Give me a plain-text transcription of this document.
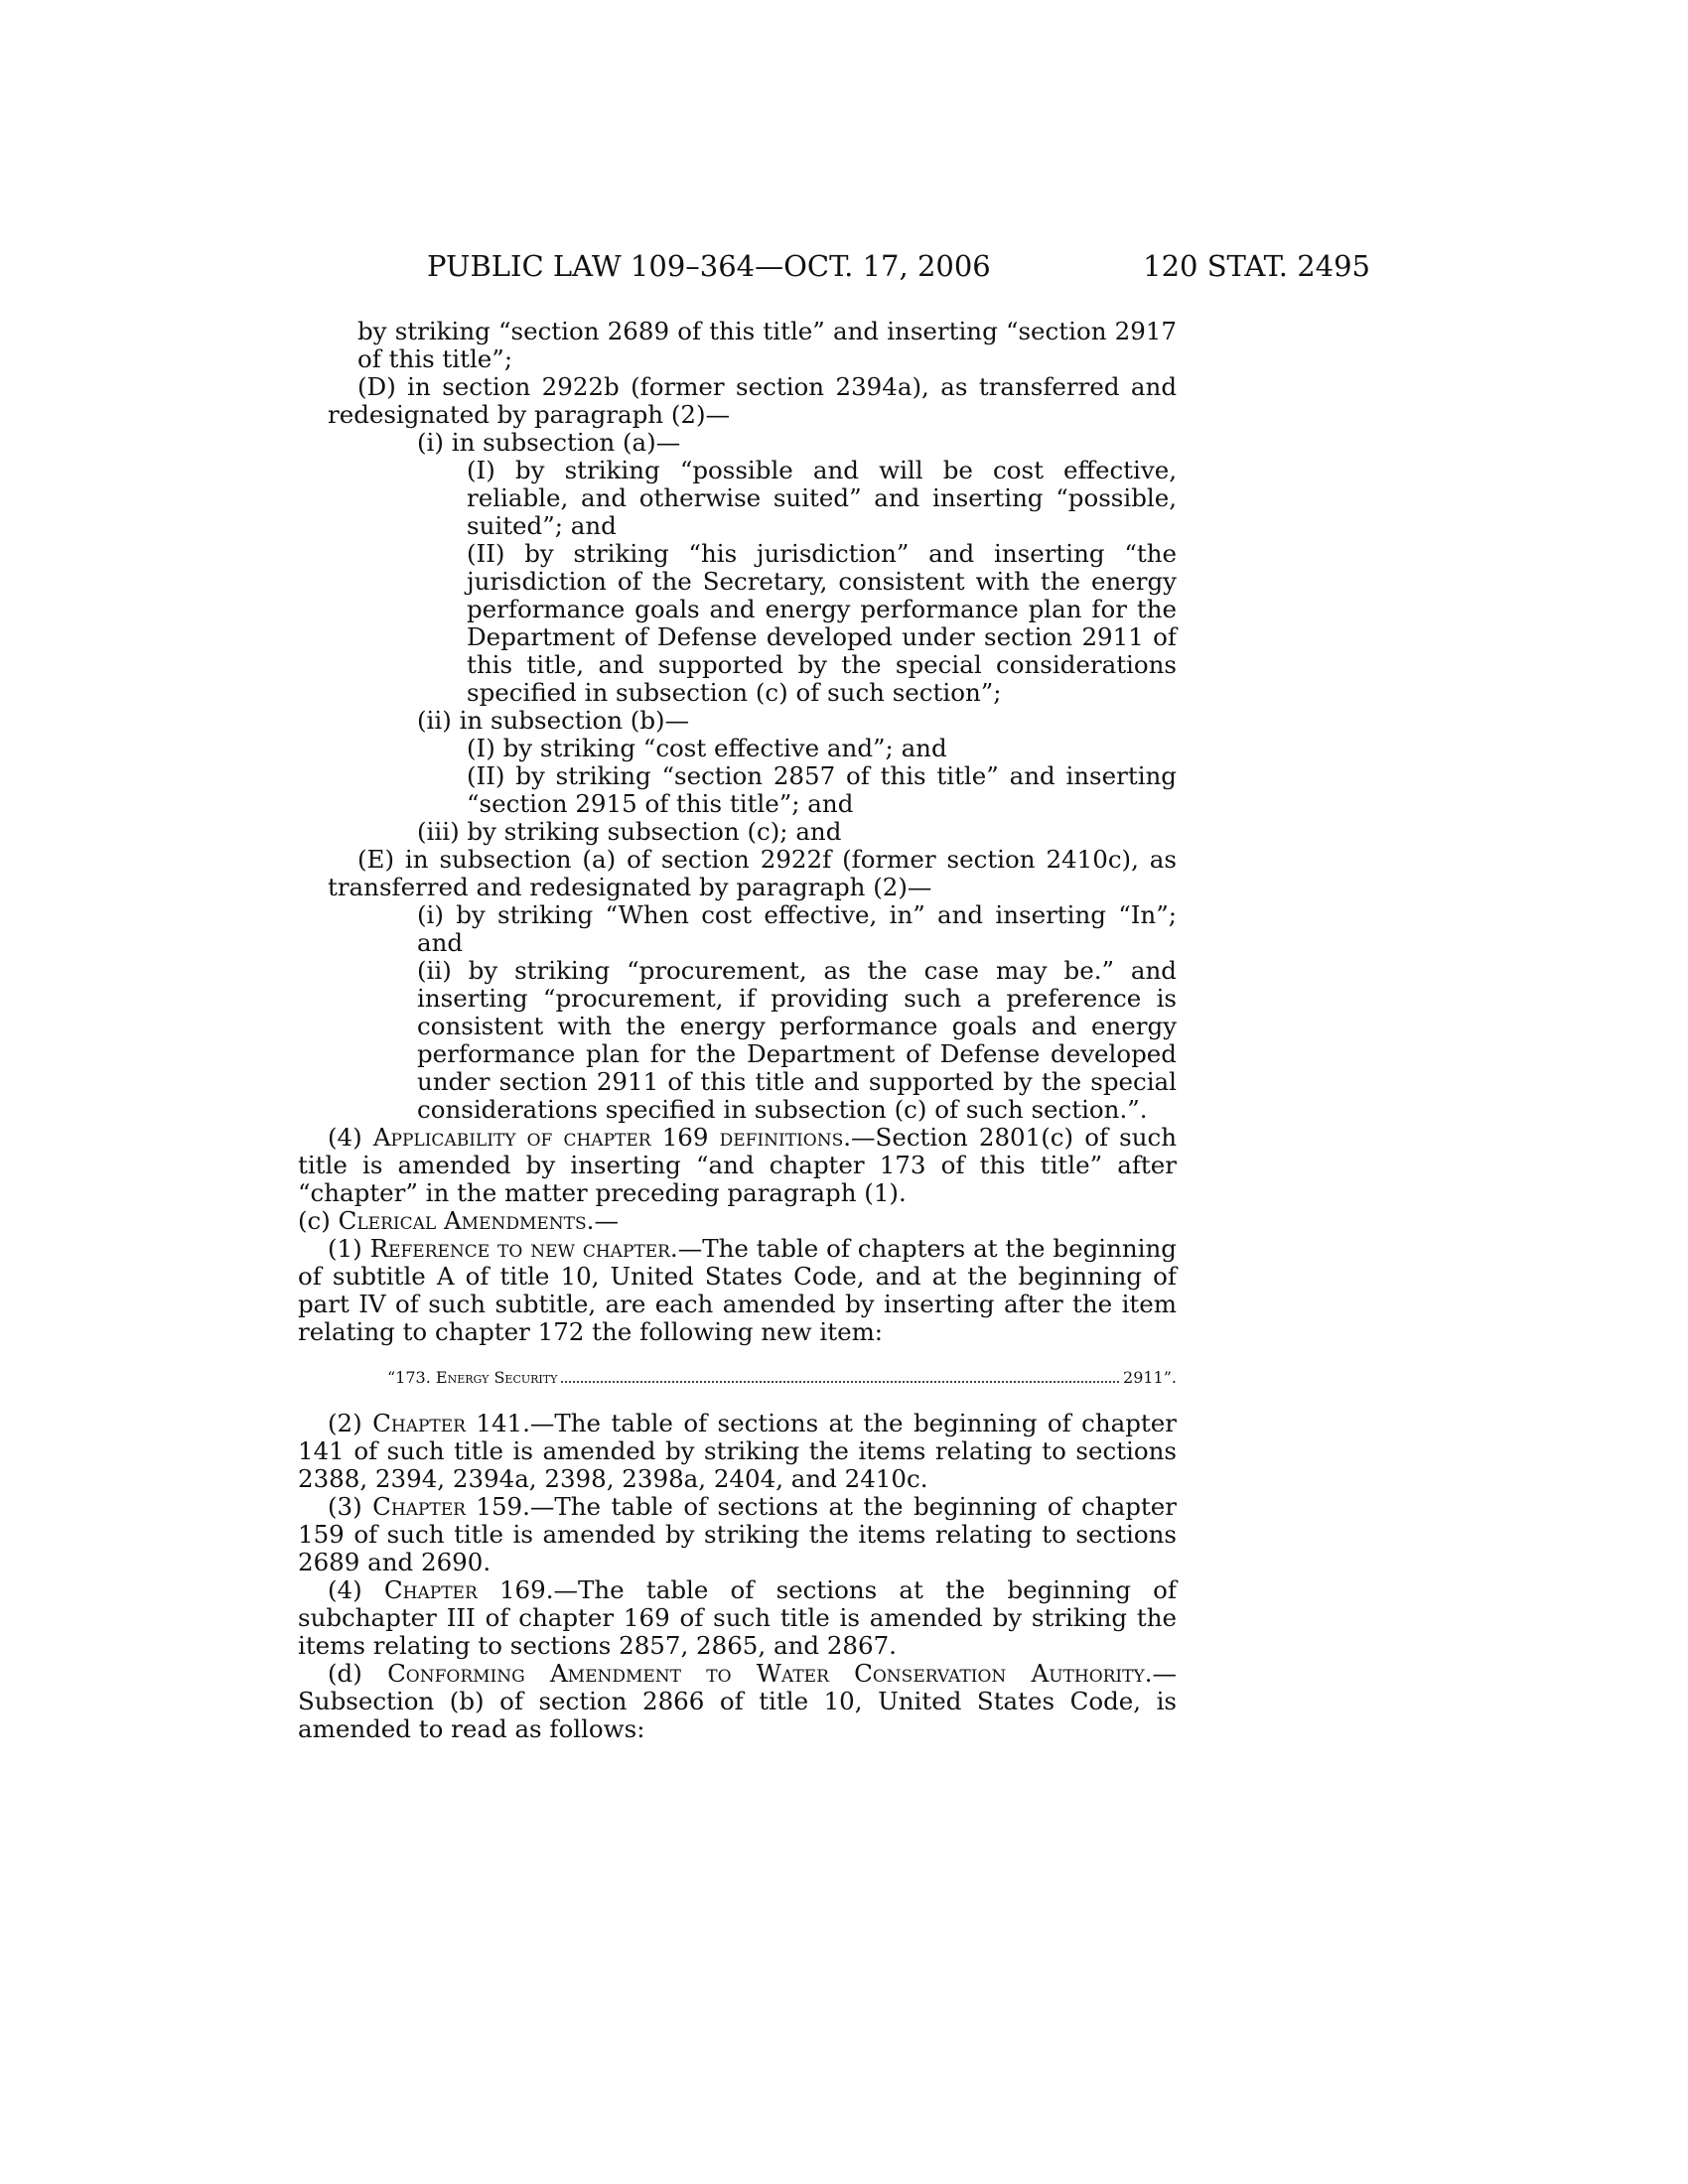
PUBLIC LAW 109–364—OCT. 17, 2006	120 STAT. 2495

by striking “section 2689 of this title” and inserting “section 2917 of this title”;

(D) in section 2922b (former section 2394a), as transferred and redesignated by paragraph (2)—

(i) in subsection (a)—

(I) by striking “possible and will be cost effective, reliable, and otherwise suited” and inserting “possible, suited”; and

(II) by striking “his jurisdiction” and inserting “the jurisdiction of the Secretary, consistent with the energy performance goals and energy performance plan for the Department of Defense developed under section 2911 of this title, and supported by the special considerations specified in subsection (c) of such section”;

(ii) in subsection (b)—

(I) by striking “cost effective and”; and

(II) by striking “section 2857 of this title” and inserting “section 2915 of this title”; and

(iii) by striking subsection (c); and

(E) in subsection (a) of section 2922f (former section 2410c), as transferred and redesignated by paragraph (2)—

(i) by striking “When cost effective, in” and inserting “In”; and

(ii) by striking “procurement, as the case may be.” and inserting “procurement, if providing such a preference is consistent with the energy performance goals and energy performance plan for the Department of Defense developed under section 2911 of this title and supported by the special considerations specified in subsection (c) of such section.”.

(4) Applicability of chapter 169 definitions.—Section 2801(c) of such title is amended by inserting “and chapter 173 of this title” after “chapter” in the matter preceding paragraph (1).

(c) Clerical Amendments.—

(1) Reference to new chapter.—The table of chapters at the beginning of subtitle A of title 10, United States Code, and at the beginning of part IV of such subtitle, are each amended by inserting after the item relating to chapter 172 the following new item:

“173. Energy Security	2911”.

(2) Chapter 141.—The table of sections at the beginning of chapter 141 of such title is amended by striking the items relating to sections 2388, 2394, 2394a, 2398, 2398a, 2404, and 2410c.

(3) Chapter 159.—The table of sections at the beginning of chapter 159 of such title is amended by striking the items relating to sections 2689 and 2690.

(4) Chapter 169.—The table of sections at the beginning of subchapter III of chapter 169 of such title is amended by striking the items relating to sections 2857, 2865, and 2867.

(d) Conforming Amendment to Water Conservation Authority.—Subsection (b) of section 2866 of title 10, United States Code, is amended to read as follows:
